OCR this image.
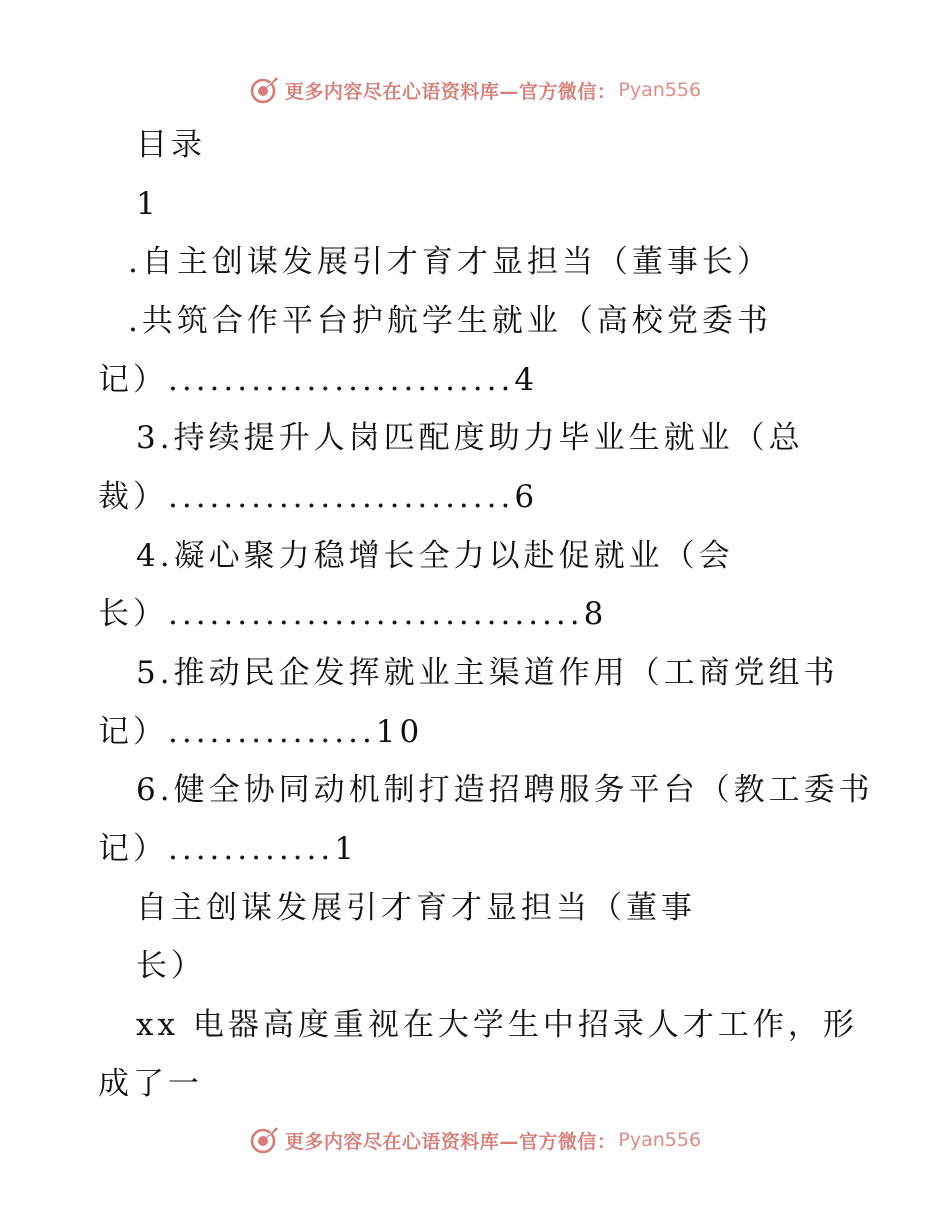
更多内容尽在心语资料库—官方微信： Pyan556
目录
1
.自主创谋发展引才育才显担当（董事长）
.共筑合作平台护航学生就业（高校党委书
记）.........................4
3.持续提升人岗匹配度助力毕业生就业（总
裁）.........................6
4.凝心聚力稳增长全力以赴促就业（会
长）..............................8
5.推动民企发挥就业主渠道作用（工商党组书
记）...............10
6.健全协同动机制打造招聘服务平台（教工委书
记）............1
自主创谋发展引才育才显担当（董事
长）
xx 电器高度重视在大学生中招录人才工作，形
成了一
更多内容尽在心语资料库—官方微信： Pyan556
